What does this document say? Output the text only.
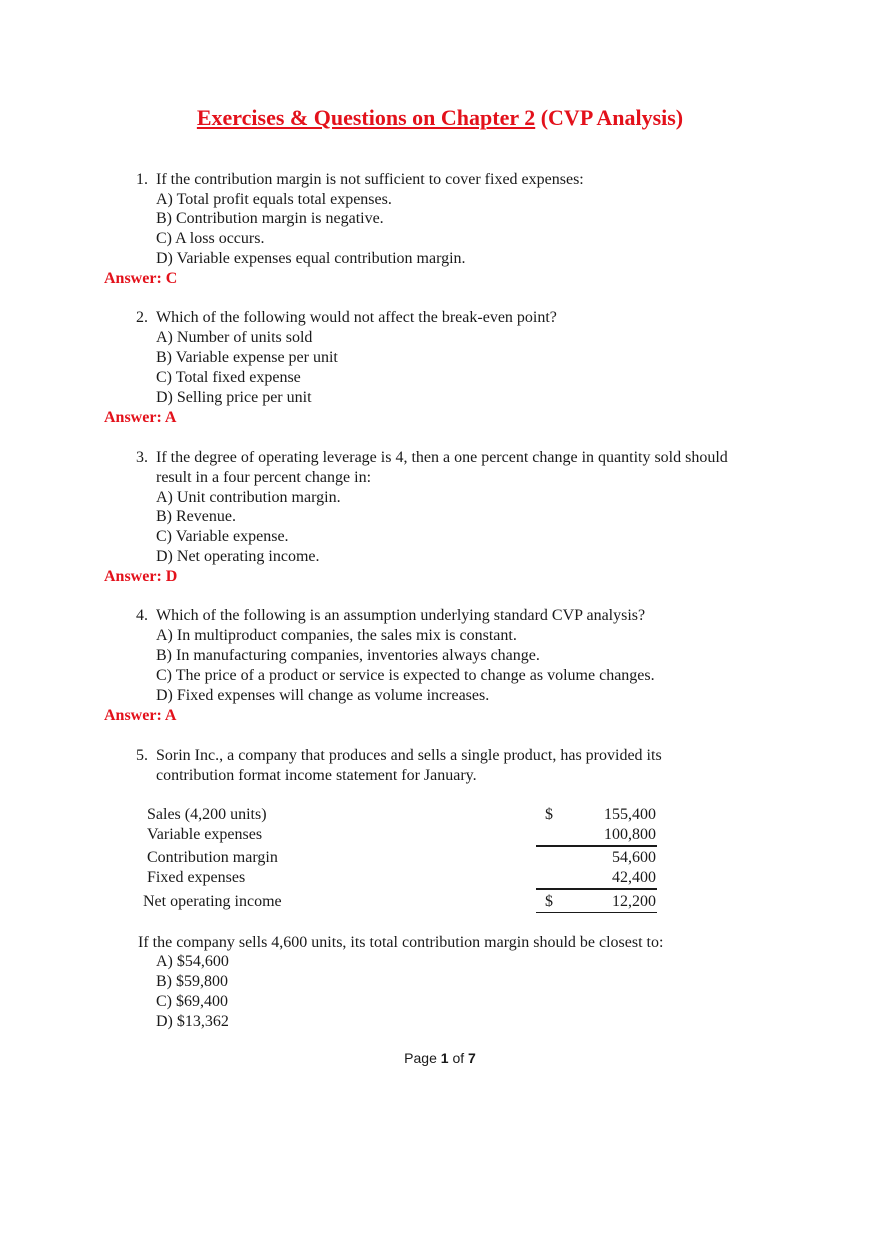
Exercises & Questions on Chapter 2 (CVP Analysis)
1. If the contribution margin is not sufficient to cover fixed expenses:
A) Total profit equals total expenses.
B) Contribution margin is negative.
C) A loss occurs.
D) Variable expenses equal contribution margin.
Answer: C
2. Which of the following would not affect the break-even point?
A) Number of units sold
B) Variable expense per unit
C) Total fixed expense
D) Selling price per unit
Answer: A
3. If the degree of operating leverage is 4, then a one percent change in quantity sold should
result in a four percent change in:
A) Unit contribution margin.
B) Revenue.
C) Variable expense.
D) Net operating income.
Answer: D
4. Which of the following is an assumption underlying standard CVP analysis?
A) In multiproduct companies, the sales mix is constant.
B) In manufacturing companies, inventories always change.
C) The price of a product or service is expected to change as volume changes.
D) Fixed expenses will change as volume increases.
Answer: A
5. Sorin Inc., a company that produces and sells a single product, has provided its
contribution format income statement for January.
Sales (4,200 units)	$	155,400
Variable expenses	100,800
Contribution margin	54,600
Fixed expenses	42,400
Net operating income	$	12,200
If the company sells 4,600 units, its total contribution margin should be closest to:
A) $54,600
B) $59,800
C) $69,400
D) $13,362
Page 1 of 7
